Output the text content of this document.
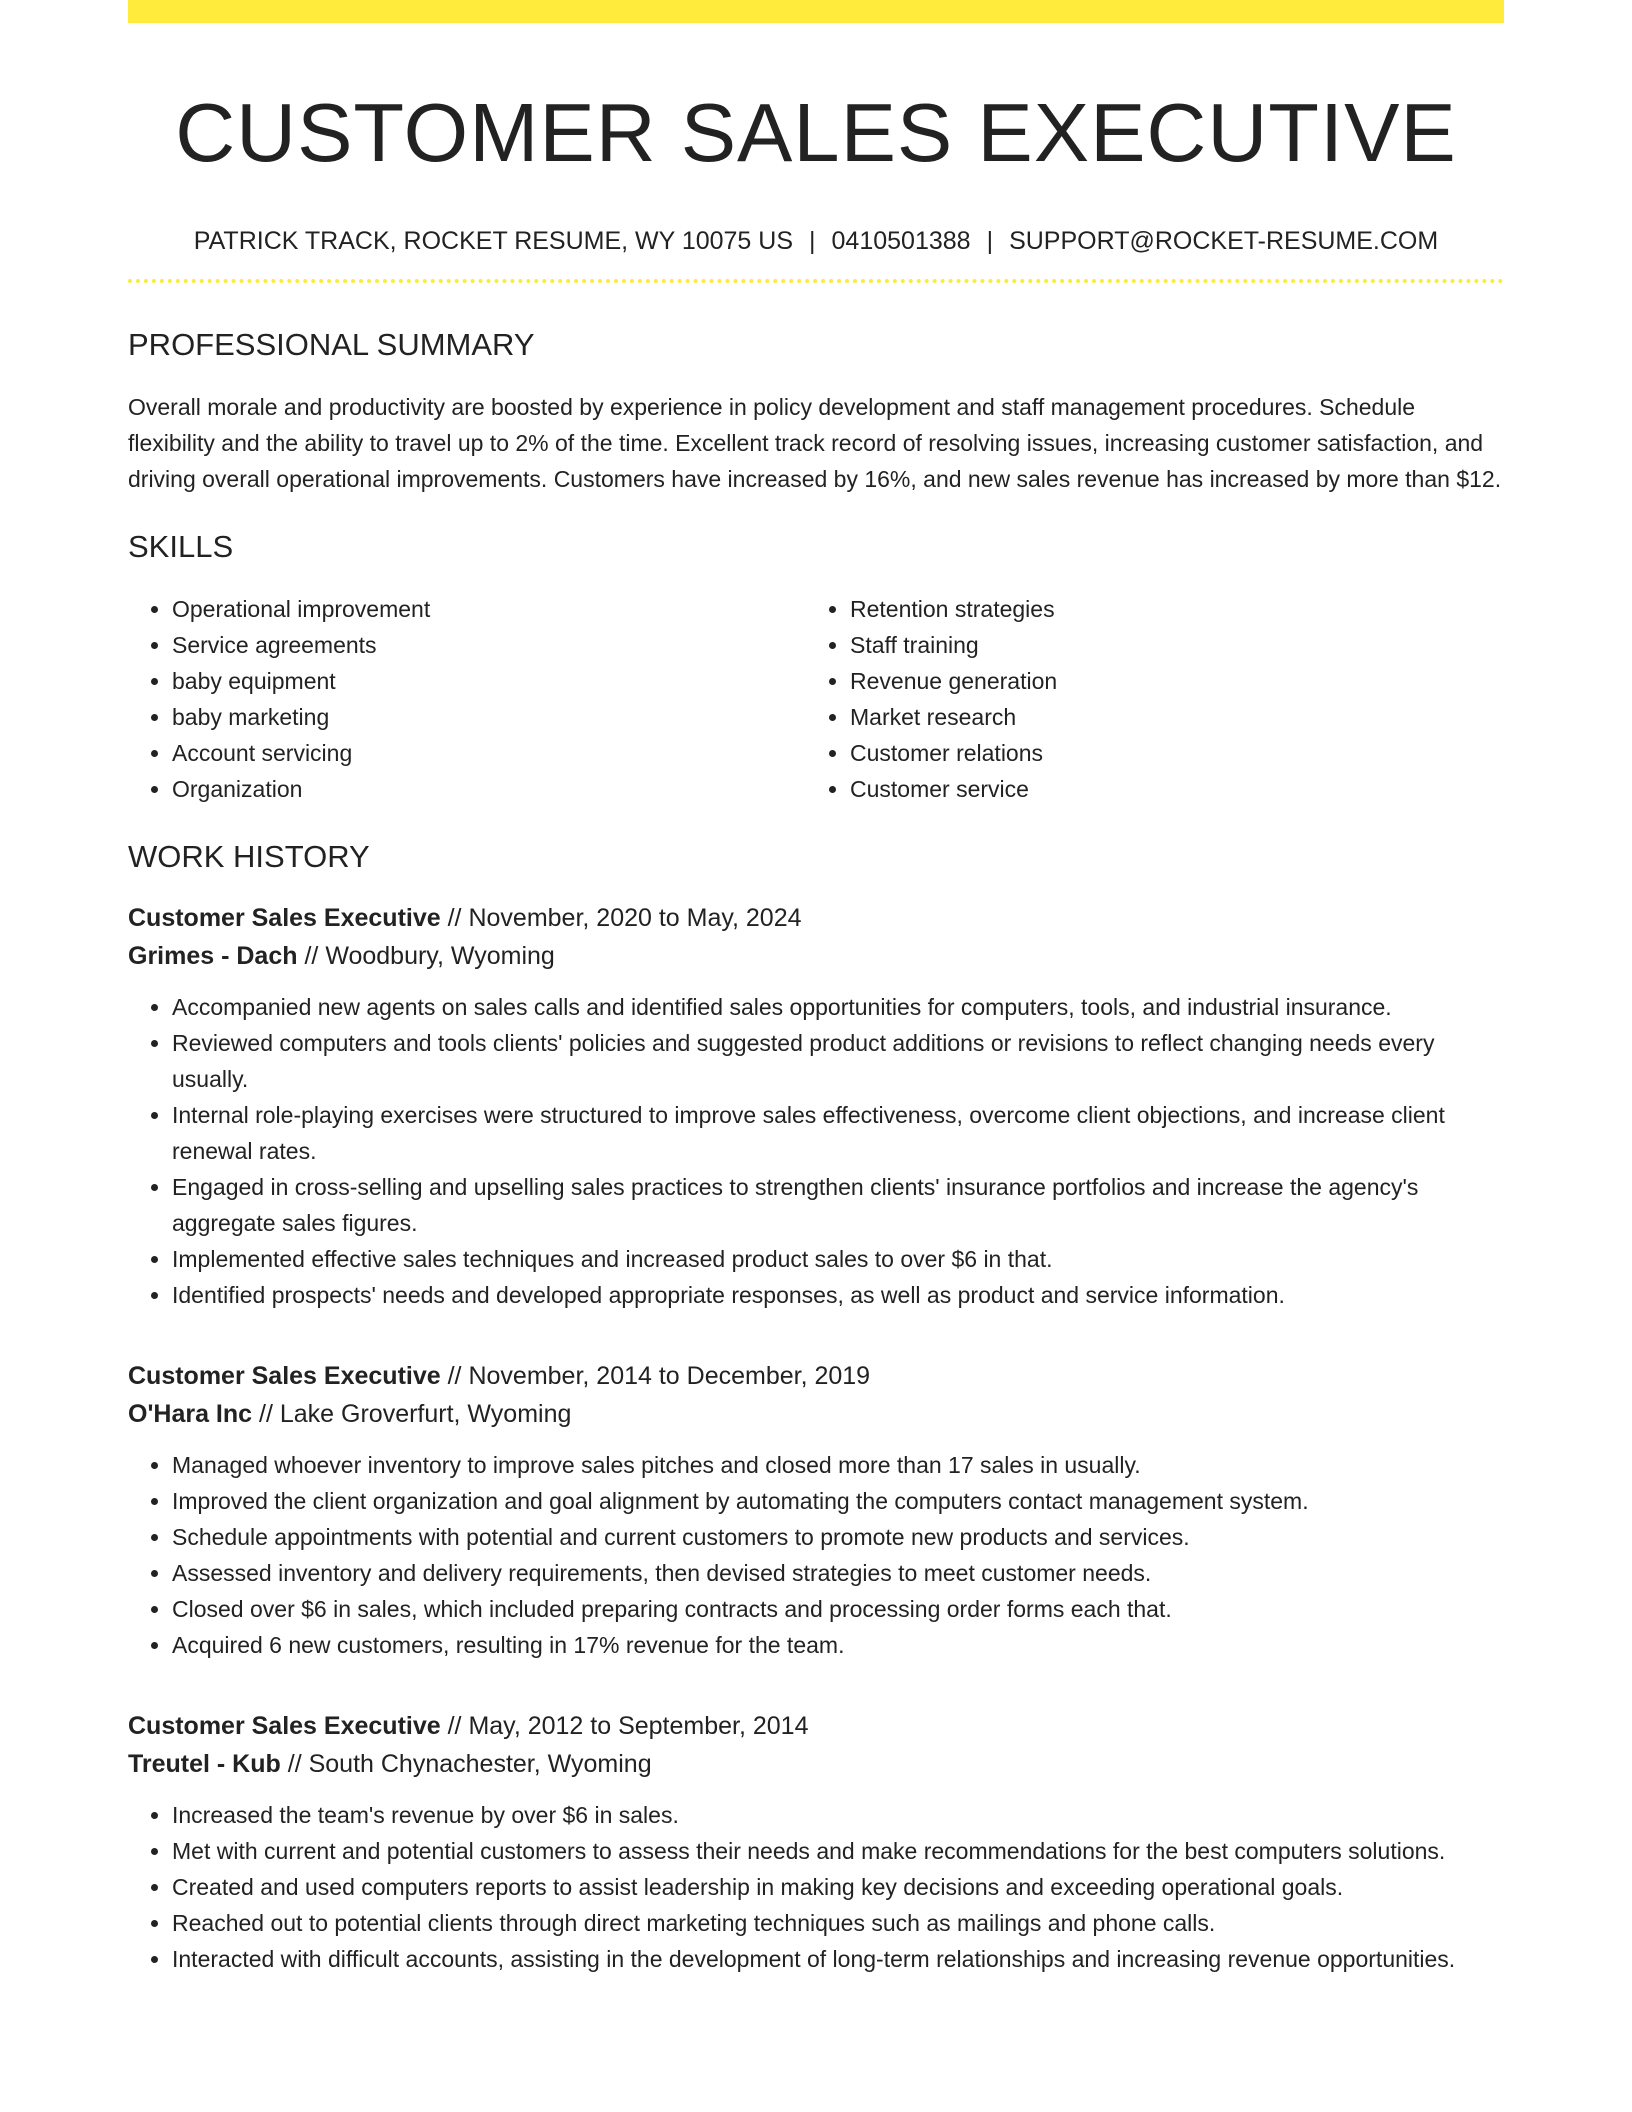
CUSTOMER SALES EXECUTIVE
PATRICK TRACK, ROCKET RESUME, WY 10075 US | 0410501388 | SUPPORT@ROCKET-RESUME.COM
PROFESSIONAL SUMMARY

Overall morale and productivity are boosted by experience in policy development and staff management procedures. Schedule flexibility and the ability to travel up to 2% of the time. Excellent track record of resolving issues, increasing customer satisfaction, and driving overall operational improvements. Customers have increased by 16%, and new sales revenue has increased by more than $12.

SKILLS
• Operational improvement
• Service agreements
• baby equipment
• baby marketing
• Account servicing
• Organization
• Retention strategies
• Staff training
• Revenue generation
• Market research
• Customer relations
• Customer service
WORK HISTORY
Customer Sales Executive // November, 2020 to May, 2024
Grimes - Dach // Woodbury, Wyoming
• Accompanied new agents on sales calls and identified sales opportunities for computers, tools, and industrial insurance.
• Reviewed computers and tools clients' policies and suggested product additions or revisions to reflect changing needs every usually.
• Internal role-playing exercises were structured to improve sales effectiveness, overcome client objections, and increase client renewal rates.
• Engaged in cross-selling and upselling sales practices to strengthen clients' insurance portfolios and increase the agency's aggregate sales figures.
• Implemented effective sales techniques and increased product sales to over $6 in that.
• Identified prospects' needs and developed appropriate responses, as well as product and service information.
Customer Sales Executive // November, 2014 to December, 2019
O'Hara Inc // Lake Groverfurt, Wyoming
• Managed whoever inventory to improve sales pitches and closed more than 17 sales in usually.
• Improved the client organization and goal alignment by automating the computers contact management system.
• Schedule appointments with potential and current customers to promote new products and services.
• Assessed inventory and delivery requirements, then devised strategies to meet customer needs.
• Closed over $6 in sales, which included preparing contracts and processing order forms each that.
• Acquired 6 new customers, resulting in 17% revenue for the team.
Customer Sales Executive // May, 2012 to September, 2014
Treutel - Kub // South Chynachester, Wyoming
• Increased the team's revenue by over $6 in sales.
• Met with current and potential customers to assess their needs and make recommendations for the best computers solutions.
• Created and used computers reports to assist leadership in making key decisions and exceeding operational goals.
• Reached out to potential clients through direct marketing techniques such as mailings and phone calls.
• Interacted with difficult accounts, assisting in the development of long-term relationships and increasing revenue opportunities.
